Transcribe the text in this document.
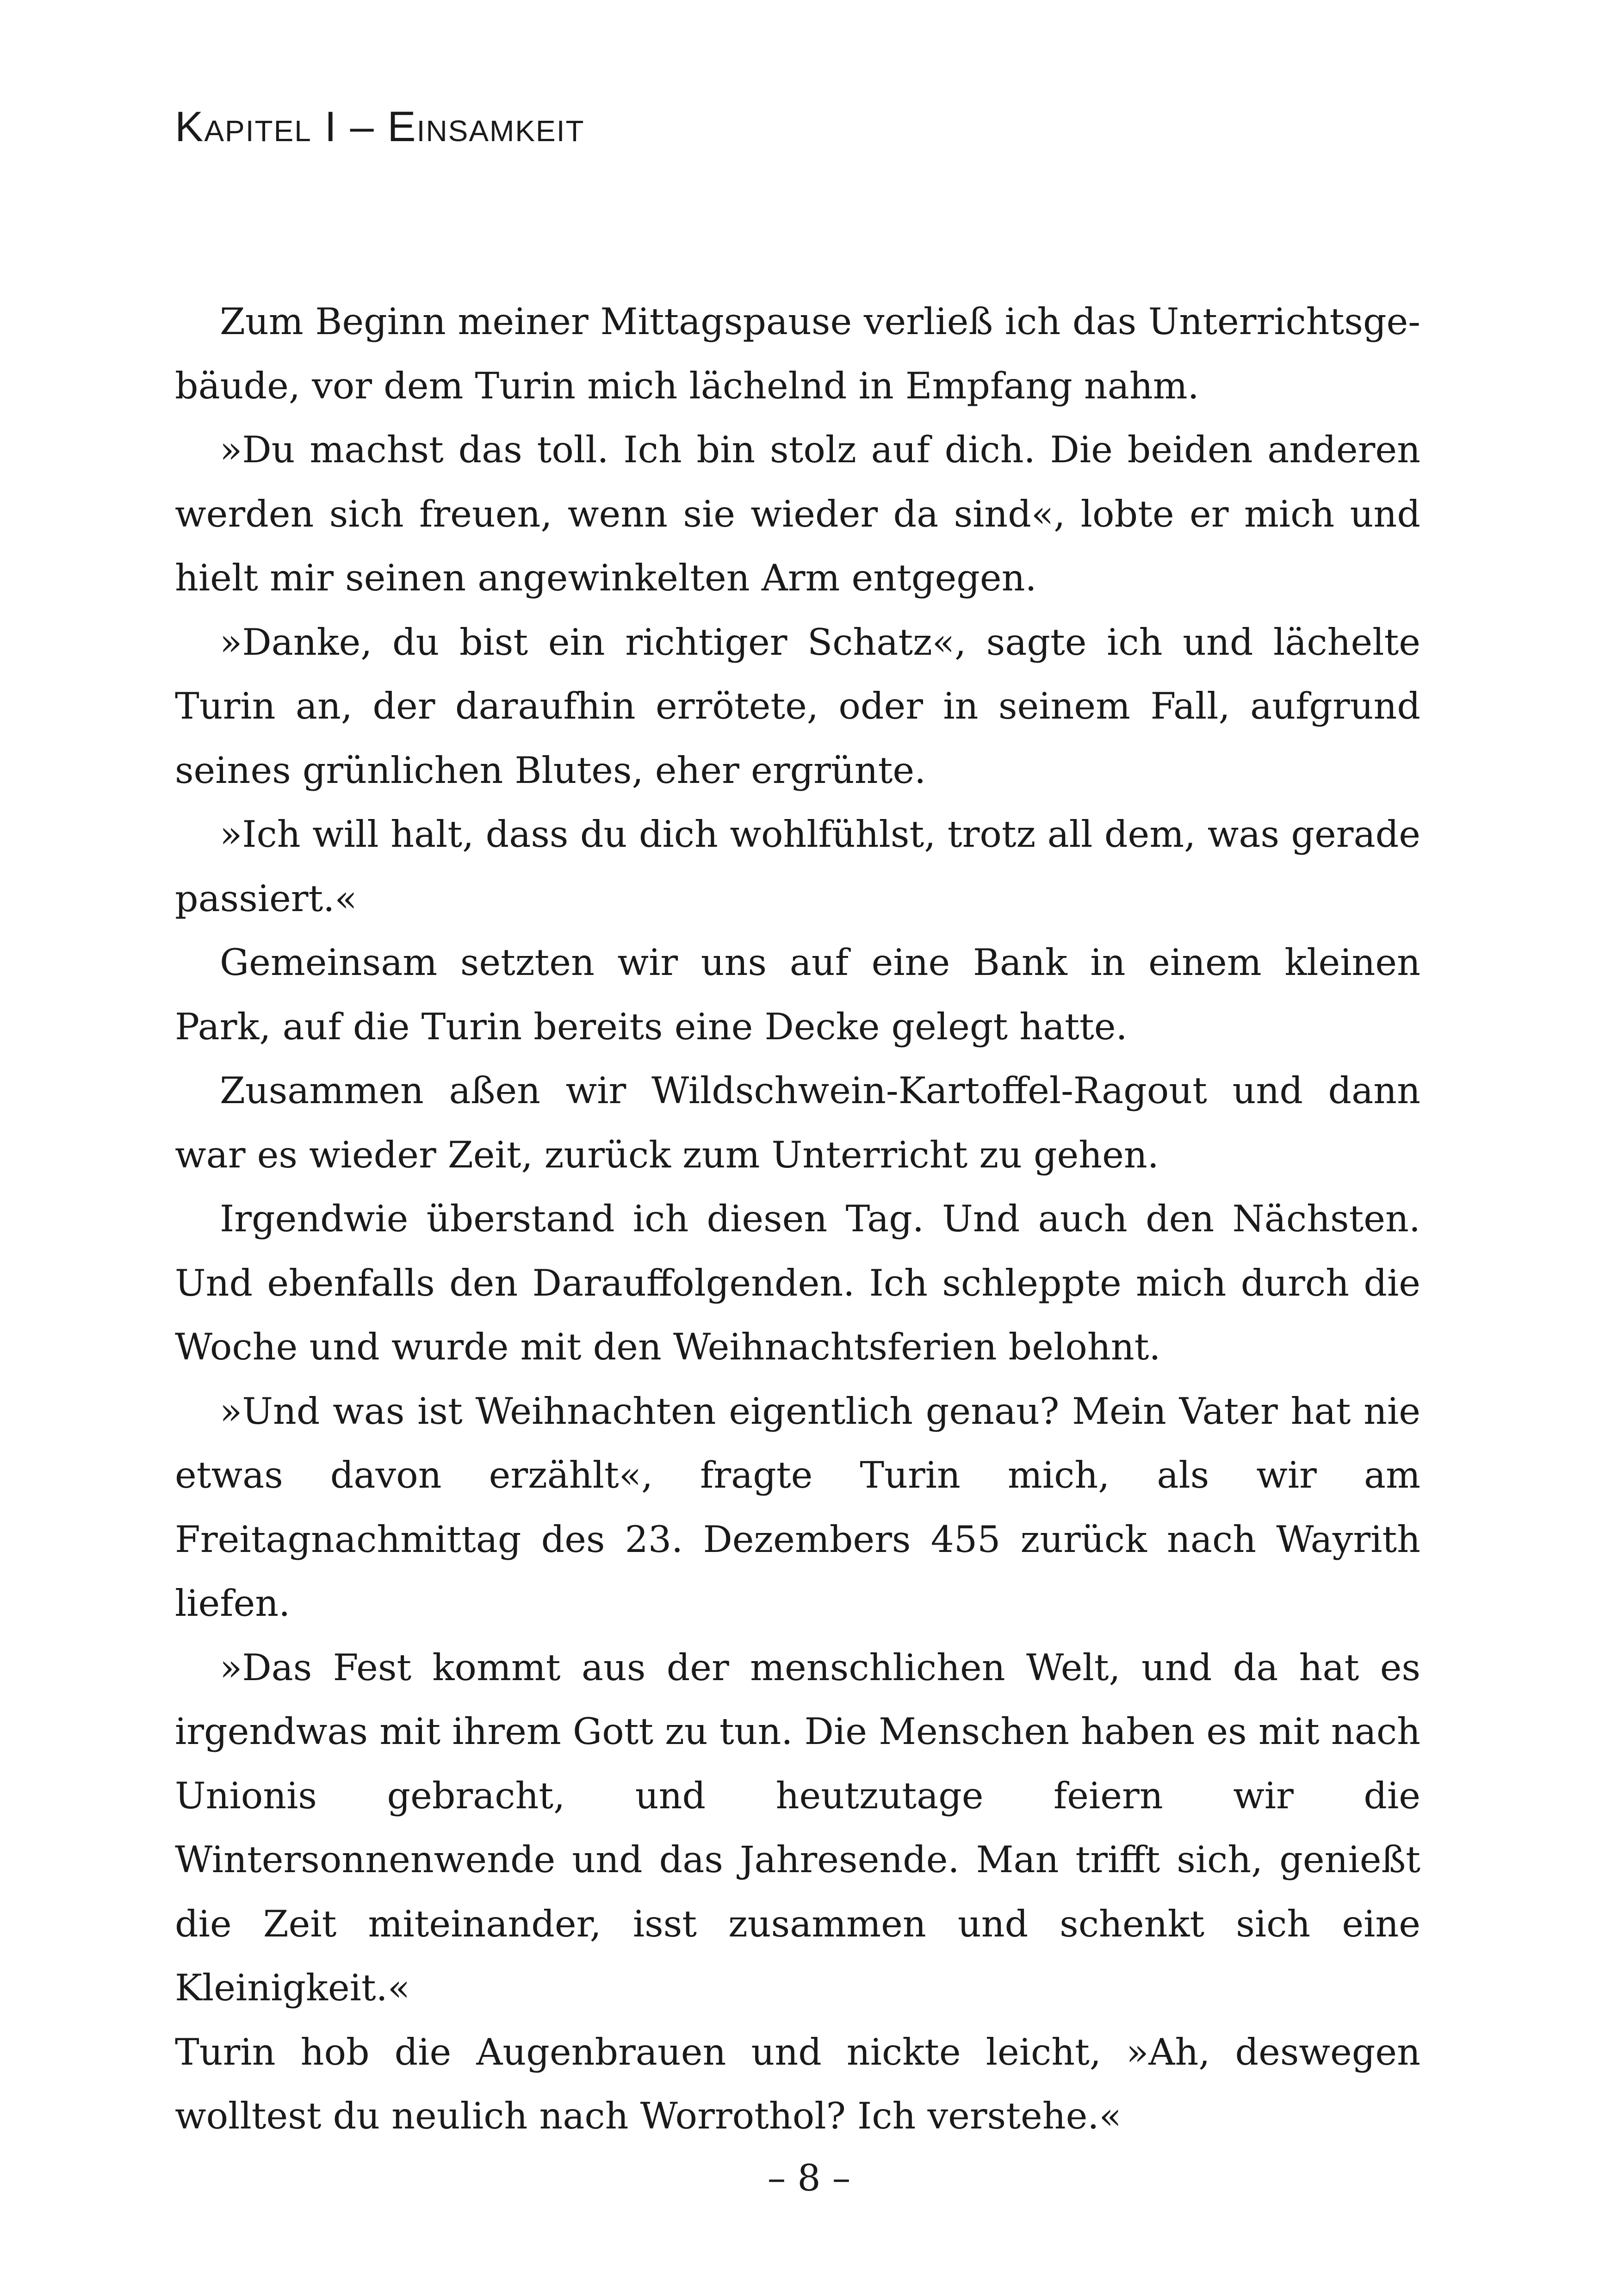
Kapitel I – Einsamkeit

Zum Beginn meiner Mittagspause verließ ich das Unterrichtsgebäude, vor dem Turin mich lächelnd in Empfang nahm.

»Du machst das toll. Ich bin stolz auf dich. Die beiden anderen werden sich freuen, wenn sie wieder da sind«, lobte er mich und hielt mir seinen angewinkelten Arm entgegen.

»Danke, du bist ein richtiger Schatz«, sagte ich und lächelte Turin an, der daraufhin errötete, oder in seinem Fall, aufgrund seines grünlichen Blutes, eher ergrünte.

»Ich will halt, dass du dich wohlfühlst, trotz all dem, was gerade passiert.«

Gemeinsam setzten wir uns auf eine Bank in einem kleinen Park, auf die Turin bereits eine Decke gelegt hatte.

Zusammen aßen wir Wildschwein-Kartoffel-Ragout und dann war es wieder Zeit, zurück zum Unterricht zu gehen.

Irgendwie überstand ich diesen Tag. Und auch den Nächsten. Und ebenfalls den Darauffolgenden. Ich schleppte mich durch die Woche und wurde mit den Weihnachtsferien belohnt.

»Und was ist Weihnachten eigentlich genau? Mein Vater hat nie etwas davon erzählt«, fragte Turin mich, als wir am Freitagnachmittag des 23. Dezembers 455 zurück nach Wayrith liefen.

»Das Fest kommt aus der menschlichen Welt, und da hat es irgendwas mit ihrem Gott zu tun. Die Menschen haben es mit nach Unionis gebracht, und heutzutage feiern wir die Wintersonnenwende und das Jahresende. Man trifft sich, genießt die Zeit miteinander, isst zusammen und schenkt sich eine Kleinigkeit.«

Turin hob die Augenbrauen und nickte leicht, »Ah, deswegen wolltest du neulich nach Worrothol? Ich verstehe.«

– 8 –
